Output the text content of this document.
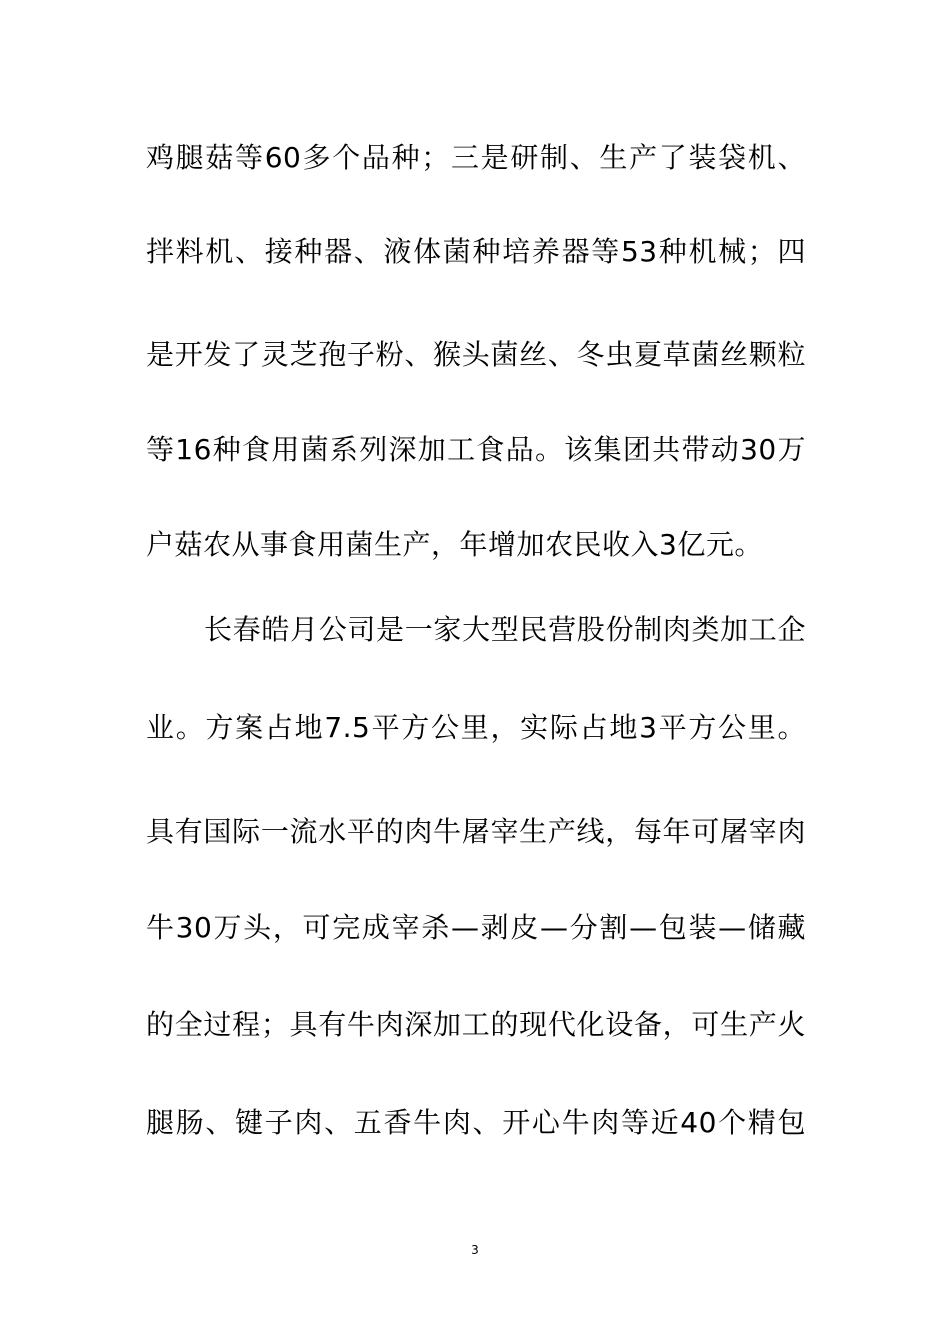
鸡腿菇等60多个品种；三是研制、生产了装袋机、
拌料机、接种器、液体菌种培养器等53种机械；四
是开发了灵芝孢子粉、猴头菌丝、冬虫夏草菌丝颗粒
等16种食用菌系列深加工食品。该集团共带动30万
户菇农从事食用菌生产，年增加农民收入3亿元。
长春皓月公司是一家大型民营股份制肉类加工企
业。方案占地7.5平方公里，实际占地3平方公里。
具有国际一流水平的肉牛屠宰生产线，每年可屠宰肉
牛30万头，可完成宰杀—剥皮—分割—包装—储藏
的全过程；具有牛肉深加工的现代化设备，可生产火
腿肠、键子肉、五香牛肉、开心牛肉等近40个精包
3
